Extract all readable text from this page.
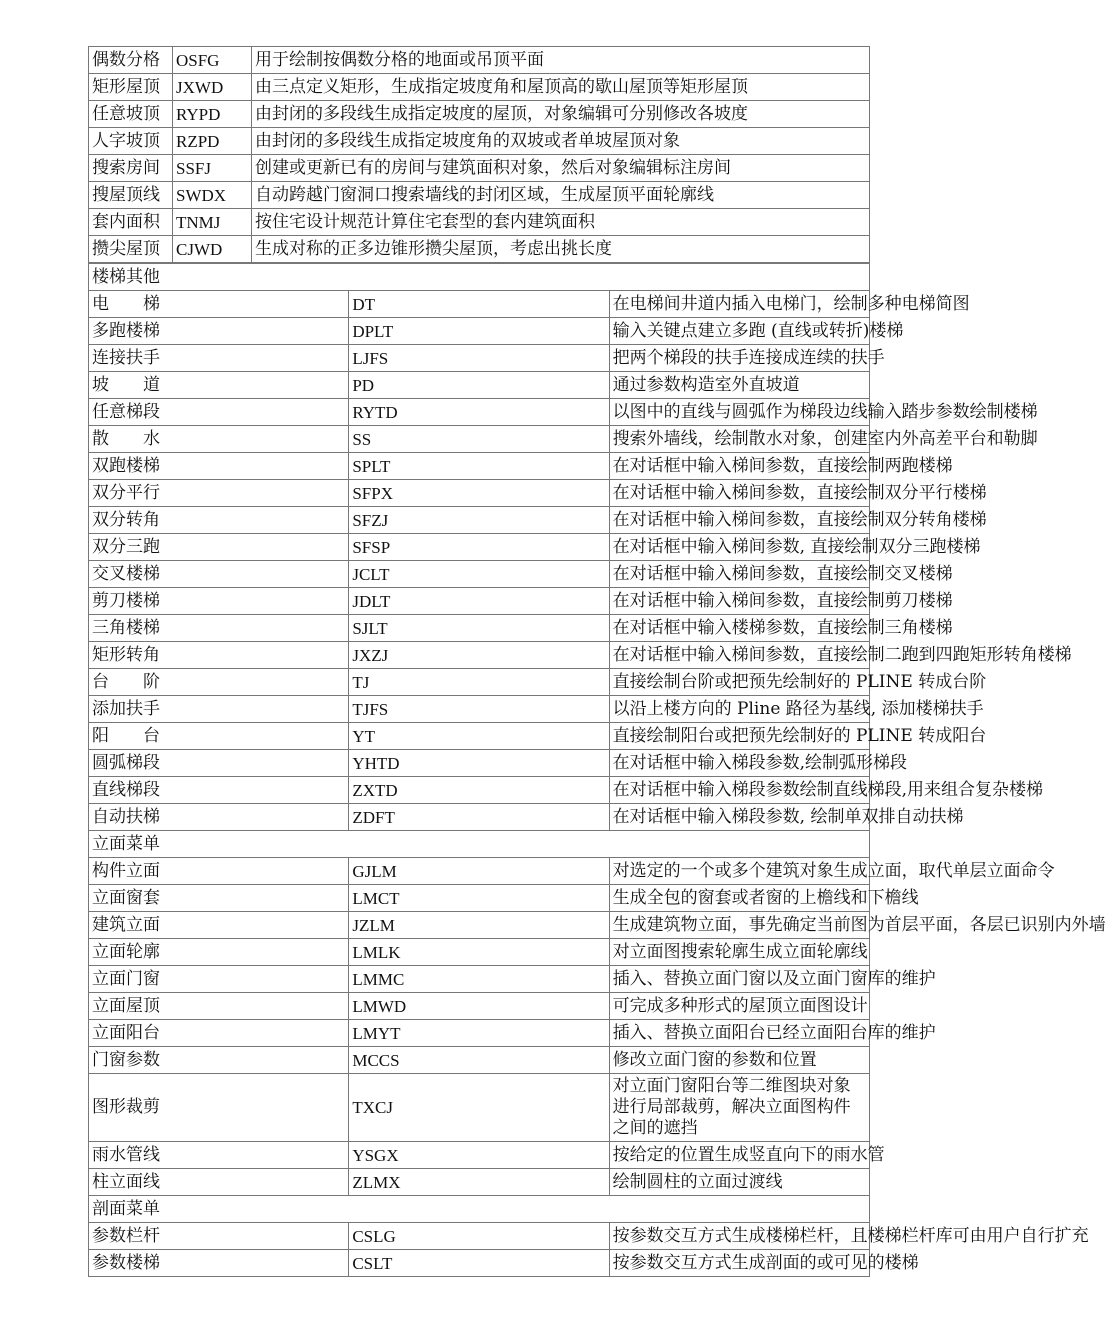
偶数分格	OSFG	用于绘制按偶数分格的地面或吊顶平面
矩形屋顶	JXWD	由三点定义矩形，生成指定坡度角和屋顶高的歇山屋顶等矩形屋顶
任意坡顶	RYPD	由封闭的多段线生成指定坡度的屋顶，对象编辑可分别修改各坡度
人字坡顶	RZPD	由封闭的多段线生成指定坡度角的双坡或者单坡屋顶对象
搜索房间	SSFJ	创建或更新已有的房间与建筑面积对象，然后对象编辑标注房间
搜屋顶线	SWDX	自动跨越门窗洞口搜索墙线的封闭区域，生成屋顶平面轮廓线
套内面积	TNMJ	按住宅设计规范计算住宅套型的套内建筑面积
攒尖屋顶	CJWD	生成对称的正多边锥形攒尖屋顶，考虑出挑长度
楼梯其他		
电　　梯	DT	在电梯间井道内插入电梯门，绘制多种电梯简图
多跑楼梯	DPLT	输入关键点建立多跑 (直线或转折)楼梯
连接扶手	LJFS	把两个梯段的扶手连接成连续的扶手
坡　　道	PD	通过参数构造室外直坡道
任意梯段	RYTD	以图中的直线与圆弧作为梯段边线输入踏步参数绘制楼梯
散　　水	SS	搜索外墙线，绘制散水对象，创建室内外高差平台和勒脚
双跑楼梯	SPLT	在对话框中输入梯间参数，直接绘制两跑楼梯
双分平行	SFPX	在对话框中输入梯间参数，直接绘制双分平行楼梯
双分转角	SFZJ	在对话框中输入梯间参数，直接绘制双分转角楼梯
双分三跑	SFSP	在对话框中输入梯间参数, 直接绘制双分三跑楼梯
交叉楼梯	JCLT	在对话框中输入梯间参数，直接绘制交叉楼梯
剪刀楼梯	JDLT	在对话框中输入梯间参数，直接绘制剪刀楼梯
三角楼梯	SJLT	在对话框中输入楼梯参数，直接绘制三角楼梯
矩形转角	JXZJ	在对话框中输入梯间参数，直接绘制二跑到四跑矩形转角楼梯
台　　阶	TJ	直接绘制台阶或把预先绘制好的 PLINE 转成台阶
添加扶手	TJFS	以沿上楼方向的 Pline 路径为基线, 添加楼梯扶手
阳　　台	YT	直接绘制阳台或把预先绘制好的 PLINE 转成阳台
圆弧梯段	YHTD	在对话框中输入梯段参数,绘制弧形梯段
直线梯段	ZXTD	在对话框中输入梯段参数绘制直线梯段,用来组合复杂楼梯
自动扶梯	ZDFT	在对话框中输入梯段参数, 绘制单双排自动扶梯
立面菜单		
构件立面	GJLM	对选定的一个或多个建筑对象生成立面，取代单层立面命令
立面窗套	LMCT	生成全包的窗套或者窗的上檐线和下檐线
建筑立面	JZLM	生成建筑物立面，事先确定当前图为首层平面，各层已识别内外墙
立面轮廓	LMLK	对立面图搜索轮廓生成立面轮廓线
立面门窗	LMMC	插入、替换立面门窗以及立面门窗库的维护
立面屋顶	LMWD	可完成多种形式的屋顶立面图设计
立面阳台	LMYT	插入、替换立面阳台已经立面阳台库的维护
门窗参数	MCCS	修改立面门窗的参数和位置
图形裁剪	TXCJ	对立面门窗阳台等二维图块对象进行局部裁剪，解决立面图构件之间的遮挡
雨水管线	YSGX	按给定的位置生成竖直向下的雨水管
柱立面线	ZLMX	绘制圆柱的立面过渡线
剖面菜单		
参数栏杆	CSLG	按参数交互方式生成楼梯栏杆，且楼梯栏杆库可由用户自行扩充
参数楼梯	CSLT	按参数交互方式生成剖面的或可见的楼梯
